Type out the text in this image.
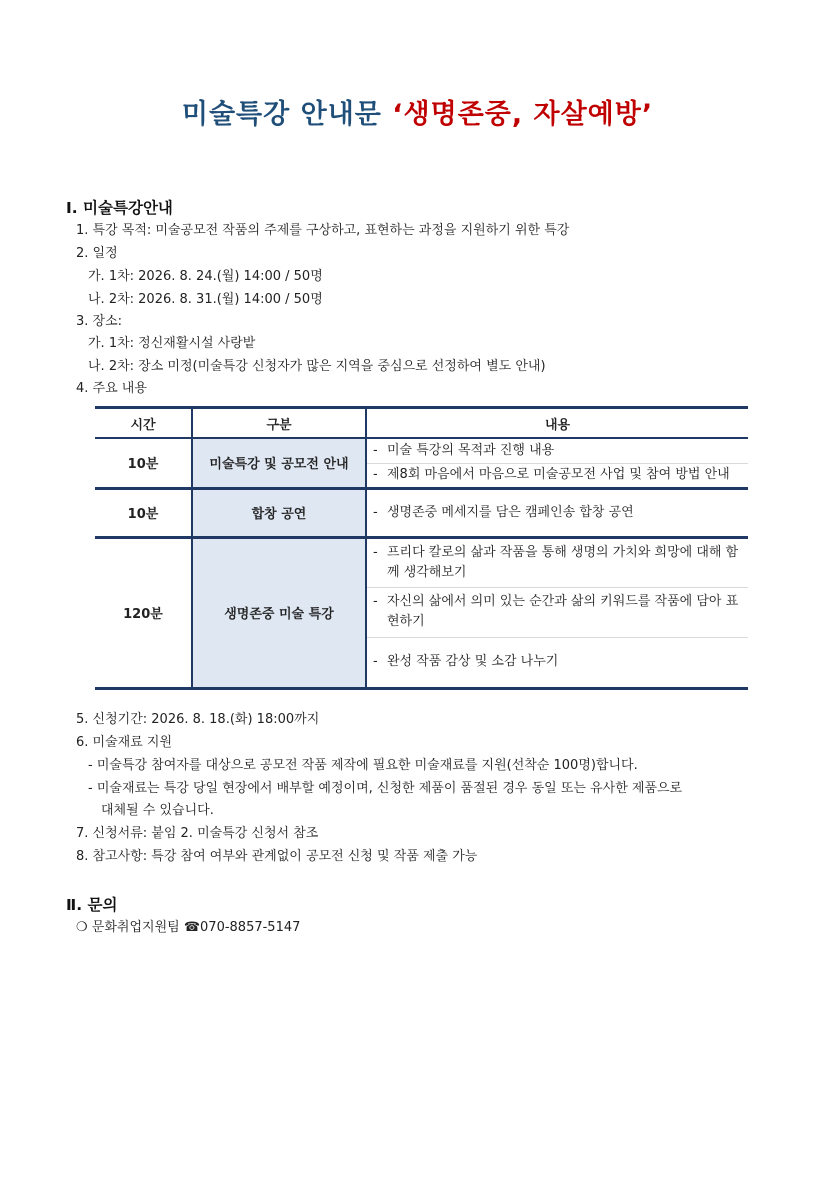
미술특강 안내문 ‘생명존중, 자살예방’
Ⅰ. 미술특강안내
1. 특강 목적: 미술공모전 작품의 주제를 구상하고, 표현하는 과정을 지원하기 위한 특강
2. 일정
가. 1차: 2026. 8. 24.(월) 14:00 / 50명
나. 2차: 2026. 8. 31.(월) 14:00 / 50명
3. 장소:
가. 1차: 정신재활시설 사랑밭
나. 2차: 장소 미정(미술특강 신청자가 많은 지역을 중심으로 선정하여 별도 안내)
4. 주요 내용
시간	구분	내용
10분	미술특강 및 공모전 안내	- 미술 특강의 목적과 진행 내용

		- 제8회 마음에서 마음으로 미술공모전 사업 및 참여 방법 안내

10분	합창 공연	- 생명존중 메세지를 담은 캠페인송 합창 공연

120분	생명존중 미술 특강	- 프리다 칼로의 삶과 작품을 통해 생명의 가치와 희망에 대해 함께 생각해보기

		- 자신의 삶에서 의미 있는 순간과 삶의 키워드를 작품에 담아 표현하기

		- 완성 작품 감상 및 소감 나누기
5. 신청기간: 2026. 8. 18.(화) 18:00까지
6. 미술재료 지원
- 미술특강 참여자를 대상으로 공모전 작품 제작에 필요한 미술재료를 지원(선착순 100명)합니다.
- 미술재료는 특강 당일 현장에서 배부할 예정이며, 신청한 제품이 품절된 경우 동일 또는 유사한 제품으로
대체될 수 있습니다.
7. 신청서류: 붙임 2. 미술특강 신청서 참조
8. 참고사항: 특강 참여 여부와 관계없이 공모전 신청 및 작품 제출 가능
Ⅱ. 문의
❍ 문화취업지원팀 ☎070-8857-5147
